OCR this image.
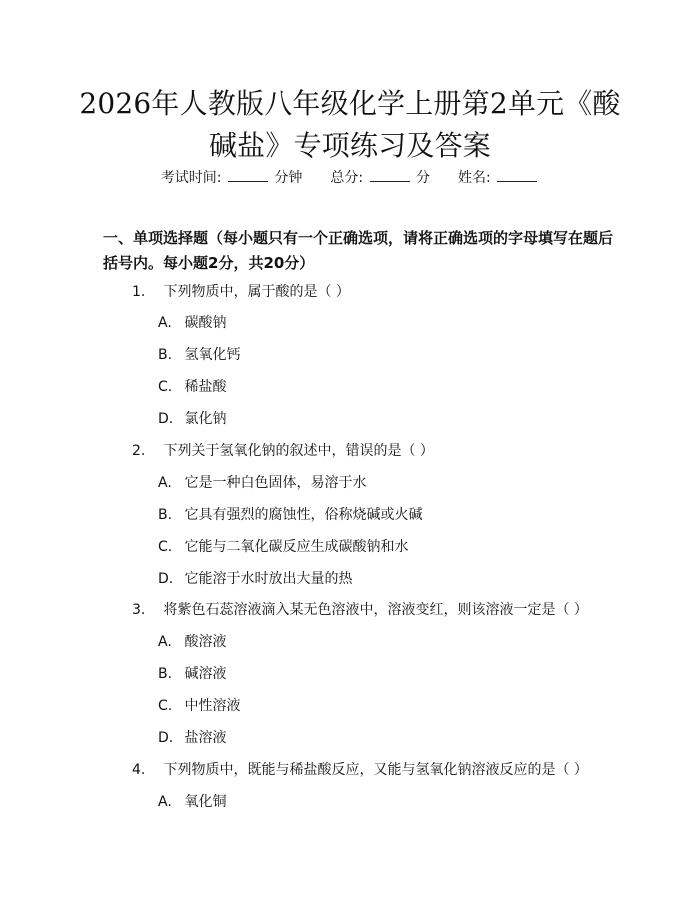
2026年人教版八年级化学上册第2单元《酸碱盐》专项练习及答案
考试时间:	分钟 总分:	分 姓名:
一、单项选择题（每小题只有一个正确选项，请将正确选项的字母填写在题后括号内。每小题2分，共20分）
1. 下列物质中，属于酸的是（ ）
A. 碳酸钠
B. 氢氧化钙
C. 稀盐酸
D. 氯化钠
2. 下列关于氢氧化钠的叙述中，错误的是（ ）
A. 它是一种白色固体，易溶于水
B. 它具有强烈的腐蚀性，俗称烧碱或火碱
C. 它能与二氧化碳反应生成碳酸钠和水
D. 它能溶于水时放出大量的热
3. 将紫色石蕊溶液滴入某无色溶液中，溶液变红，则该溶液一定是（ ）
A. 酸溶液
B. 碱溶液
C. 中性溶液
D. 盐溶液
4. 下列物质中，既能与稀盐酸反应，又能与氢氧化钠溶液反应的是（ ）
A. 氧化铜
